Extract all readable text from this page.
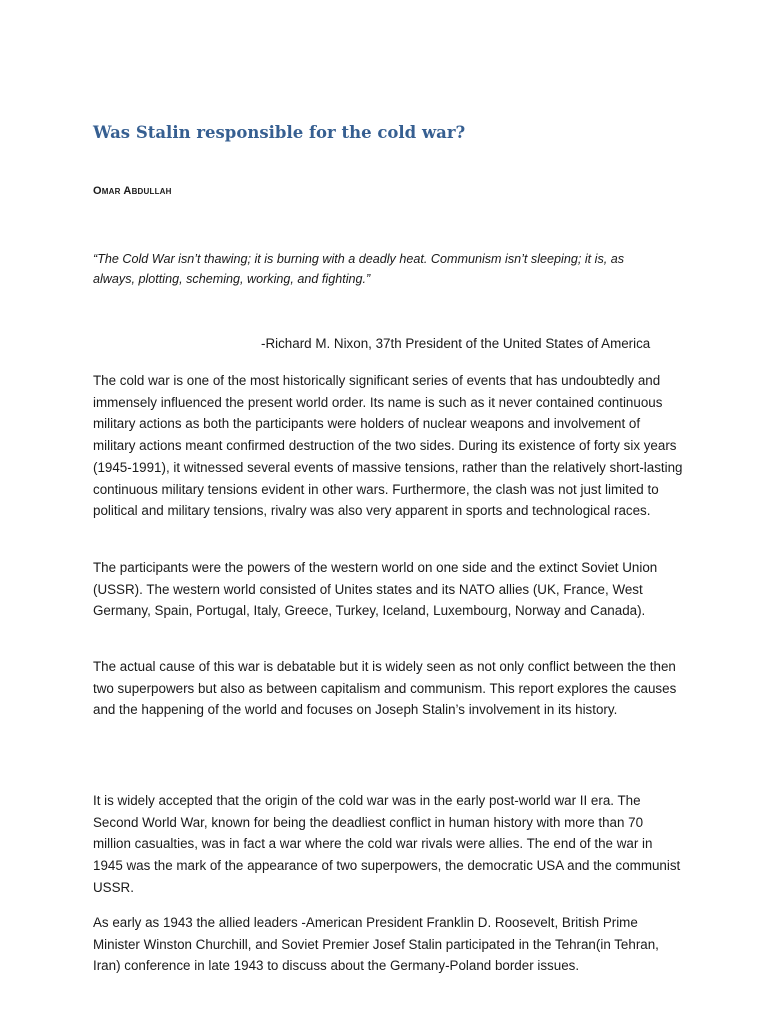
Was Stalin responsible for the cold war?

Omar Abdullah

“The Cold War isn’t thawing; it is burning with a deadly heat. Communism isn’t sleeping; it is, as always, plotting, scheming, working, and fighting.”

-Richard M. Nixon, 37th President of the United States of America

The cold war is one of the most historically significant series of events that has undoubtedly and immensely influenced the present world order. Its name is such as it never contained continuous military actions as both the participants were holders of nuclear weapons and involvement of military actions meant confirmed destruction of the two sides. During its existence of forty six years (1945-1991), it witnessed several events of massive tensions, rather than the relatively short-lasting continuous military tensions evident in other wars. Furthermore, the clash was not just limited to political and military tensions, rivalry was also very apparent in sports and technological races.

The participants were the powers of the western world on one side and the extinct Soviet Union (USSR). The western world consisted of Unites states and its NATO allies (UK, France, West Germany, Spain, Portugal, Italy, Greece, Turkey, Iceland, Luxembourg, Norway and Canada).

The actual cause of this war is debatable but it is widely seen as not only conflict between the then two superpowers but also as between capitalism and communism. This report explores the causes and the happening of the world and focuses on Joseph Stalin’s involvement in its history.

It is widely accepted that the origin of the cold war was in the early post-world war II era. The Second World War, known for being the deadliest conflict in human history with more than 70 million casualties, was in fact a war where the cold war rivals were allies. The end of the war in 1945 was the mark of the appearance of two superpowers, the democratic USA and the communist USSR.

As early as 1943 the allied leaders -American President Franklin D. Roosevelt, British Prime Minister Winston Churchill, and Soviet Premier Josef Stalin participated in the Tehran(in Tehran, Iran) conference in late 1943 to discuss about the Germany-Poland border issues.
